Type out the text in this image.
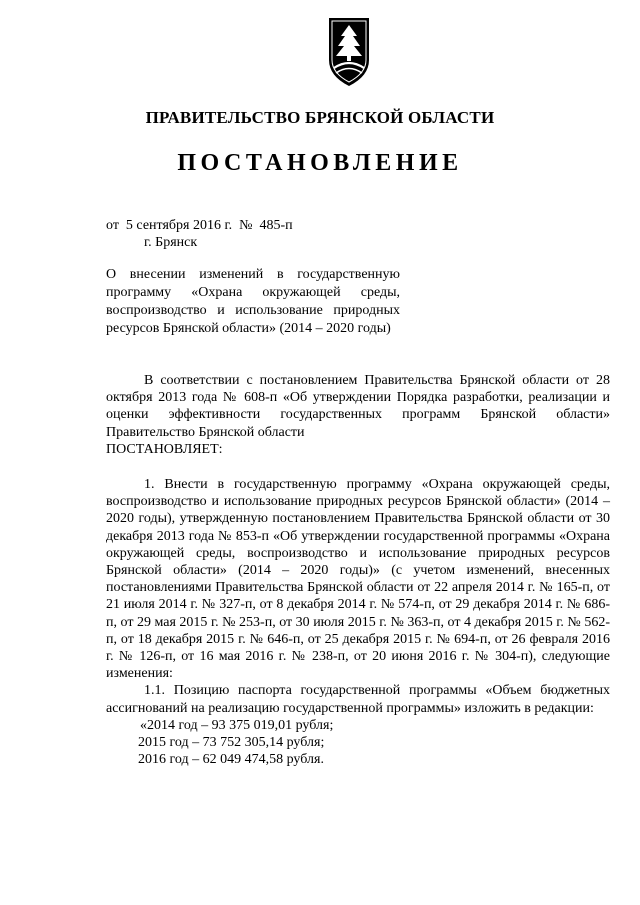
ПРАВИТЕЛЬСТВО БРЯНСКОЙ ОБЛАСТИ
ПОСТАНОВЛЕНИЕ
от  5 сентября 2016 г.  №  485-п
г. Брянск
О внесении изменений в государственную программу «Охрана окружающей среды, воспроизводство и использование природных ресурсов Брянской области» (2014 – 2020 годы)

В соответствии с постановлением Правительства Брянской области от 28 октября 2013 года № 608-п «Об утверждении Порядка разработки, реализации и оценки эффективности государственных программ Брянской области» Правительство Брянской области

ПОСТАНОВЛЯЕТ:

1. Внести в государственную программу «Охрана окружающей среды, воспроизводство и использование природных ресурсов Брянской области» (2014 – 2020 годы), утвержденную постановлением Правительства Брянской области от 30 декабря 2013 года № 853-п «Об утверждении государственной программы «Охрана окружающей среды, воспроизводство и использование природных ресурсов Брянской области» (2014 – 2020 годы)» (с учетом изменений, внесенных постановлениями Правительства Брянской области от 22 апреля 2014 г. № 165-п, от 21 июля 2014 г. № 327-п, от 8 декабря 2014 г. № 574-п, от 29 декабря 2014 г. № 686-п, от 29 мая 2015 г. № 253-п, от 30 июля 2015 г. № 363-п, от 4 декабря 2015 г. № 562-п, от 18 декабря 2015 г. № 646-п, от 25 декабря 2015 г. № 694-п, от 26 февраля 2016 г. № 126-п, от 16 мая 2016 г. № 238-п, от 20 июня 2016 г. № 304-п), следующие изменения:

1.1. Позицию паспорта государственной программы «Объем бюджетных ассигнований на реализацию государственной программы» изложить в редакции:

«2014 год – 93 375 019,01 рубля;

2015 год – 73 752 305,14 рубля;

2016 год – 62 049 474,58 рубля.
